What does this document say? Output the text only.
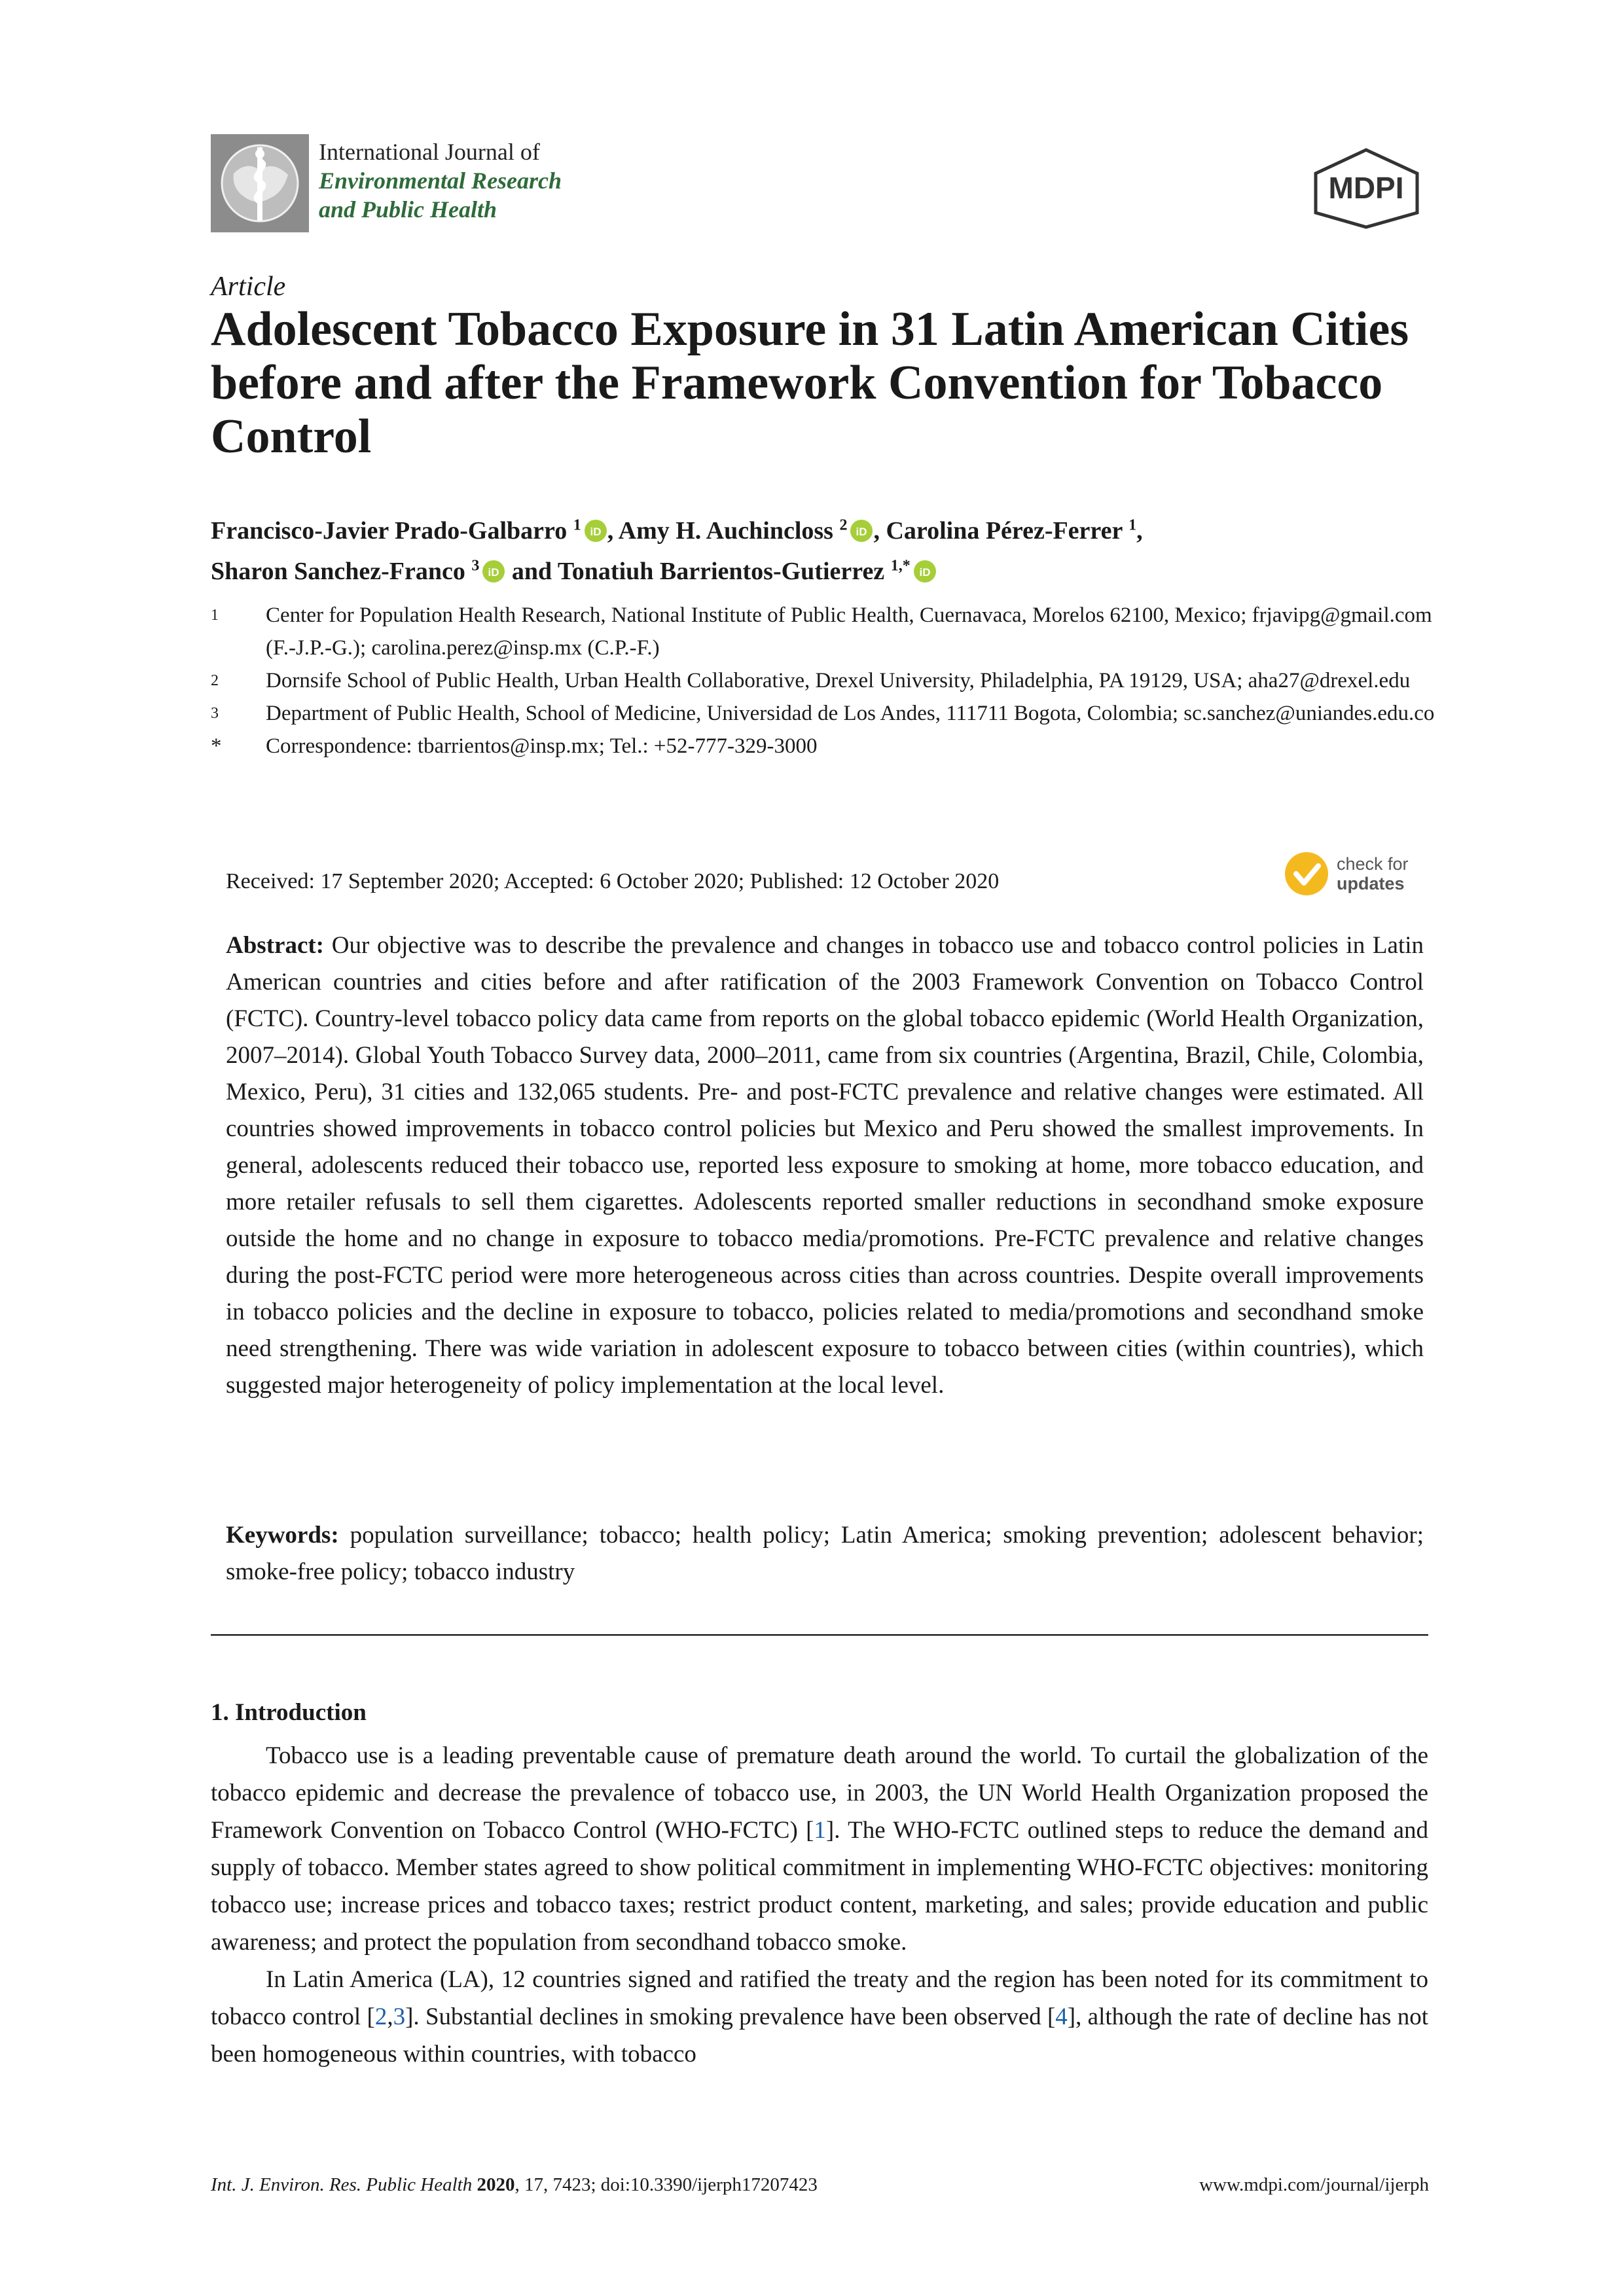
International Journal of
Environmental Research
and Public Health
MDPI
Article
Adolescent Tobacco Exposure in 31 Latin American Cities before and after the Framework Convention for Tobacco Control
Francisco-Javier Prado-Galbarro $^1$ iD , Amy H. Auchincloss $^2$ iD , Carolina Pérez-Ferrer $^1$,
Sharon Sanchez-Franco $^3$ iD and Tonatiuh Barrientos-Gutierrez $^{1,*}$ iD
1	Center for Population Health Research, National Institute of Public Health, Cuernavaca, Morelos 62100, Mexico; frjavipg@gmail.com (F.-J.P.-G.); carolina.perez@insp.mx (C.P.-F.)
2	Dornsife School of Public Health, Urban Health Collaborative, Drexel University, Philadelphia, PA 19129, USA; aha27@drexel.edu
3	Department of Public Health, School of Medicine, Universidad de Los Andes, 111711 Bogota, Colombia; sc.sanchez@uniandes.edu.co
*	Correspondence: tbarrientos@insp.mx; Tel.: +52-777-329-3000
Received: 17 September 2020; Accepted: 6 October 2020; Published: 12 October 2020
check for
updates

Abstract: Our objective was to describe the prevalence and changes in tobacco use and tobacco control policies in Latin American countries and cities before and after ratification of the 2003 Framework Convention on Tobacco Control (FCTC). Country-level tobacco policy data came from reports on the global tobacco epidemic (World Health Organization, 2007–2014). Global Youth Tobacco Survey data, 2000–2011, came from six countries (Argentina, Brazil, Chile, Colombia, Mexico, Peru), 31 cities and 132,065 students. Pre- and post-FCTC prevalence and relative changes were estimated. All countries showed improvements in tobacco control policies but Mexico and Peru showed the smallest improvements. In general, adolescents reduced their tobacco use, reported less exposure to smoking at home, more tobacco education, and more retailer refusals to sell them cigarettes. Adolescents reported smaller reductions in secondhand smoke exposure outside the home and no change in exposure to tobacco media/promotions. Pre-FCTC prevalence and relative changes during the post-FCTC period were more heterogeneous across cities than across countries. Despite overall improvements in tobacco policies and the decline in exposure to tobacco, policies related to media/promotions and secondhand smoke need strengthening. There was wide variation in adolescent exposure to tobacco between cities (within countries), which suggested major heterogeneity of policy implementation at the local level.

Keywords: population surveillance; tobacco; health policy; Latin America; smoking prevention; adolescent behavior; smoke-free policy; tobacco industry

1. Introduction

Tobacco use is a leading preventable cause of premature death around the world. To curtail the globalization of the tobacco epidemic and decrease the prevalence of tobacco use, in 2003, the UN World Health Organization proposed the Framework Convention on Tobacco Control (WHO-FCTC) [1]. The WHO-FCTC outlined steps to reduce the demand and supply of tobacco. Member states agreed to show political commitment in implementing WHO-FCTC objectives: monitoring tobacco use; increase prices and tobacco taxes; restrict product content, marketing, and sales; provide education and public awareness; and protect the population from secondhand tobacco smoke.

In Latin America (LA), 12 countries signed and ratified the treaty and the region has been noted for its commitment to tobacco control [2,3]. Substantial declines in smoking prevalence have been observed [4], although the rate of decline has not been homogeneous within countries, with tobacco

Int. J. Environ. Res. Public Health 2020, 17, 7423; doi:10.3390/ijerph17207423	www.mdpi.com/journal/ijerph
